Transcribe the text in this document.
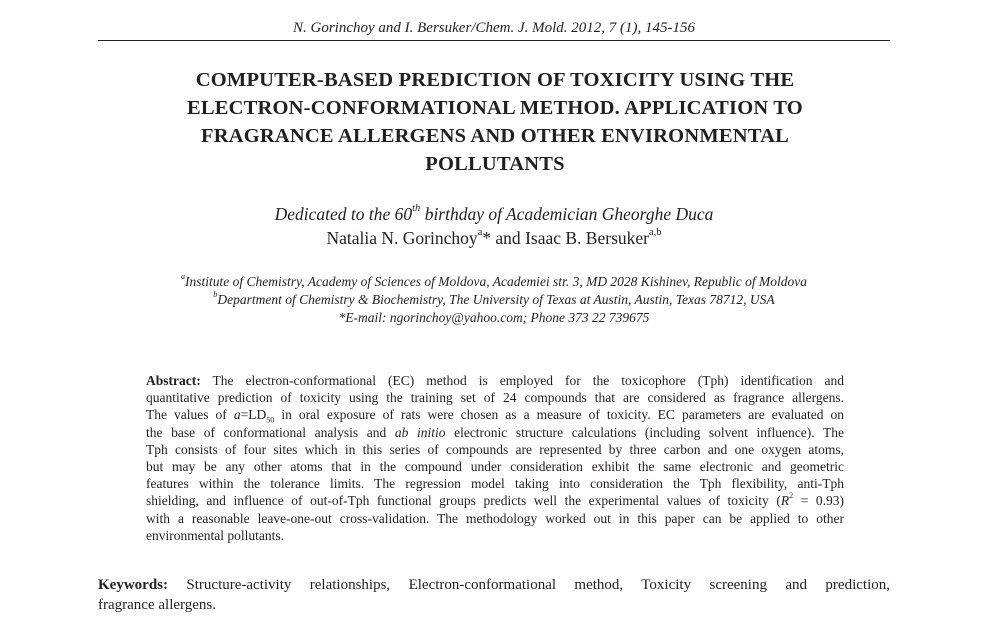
N. Gorinchoy and I. Bersuker/Chem. J. Mold. 2012, 7 (1), 145-156
COMPUTER-BASED PREDICTION OF TOXICITY USING THE
ELECTRON-CONFORMATIONAL METHOD. APPLICATION TO
FRAGRANCE ALLERGENS AND OTHER ENVIRONMENTAL
POLLUTANTS
Dedicated to the 60th birthday of Academician Gheorghe Duca
Natalia N. Gorinchoy$^a$* and Isaac B. Bersuker$^{a,b}$
$^a$Institute of Chemistry, Academy of Sciences of Moldova, Academiei str. 3, MD 2028 Kishinev, Republic of Moldova
$^b$Department of Chemistry & Biochemistry, The University of Texas at Austin, Austin, Texas 78712, USA
*E-mail: ngorinchoy@yahoo.com; Phone 373 22 739675
Abstract: The electron-conformational (EC) method is employed for the toxicophore (Tph) identification and
quantitative prediction of toxicity using the training set of 24 compounds that are considered as fragrance allergens.
The values of $a=LD_{50}$ in oral exposure of rats were chosen as a measure of toxicity. EC parameters are evaluated on
the base of conformational analysis and ab initio electronic structure calculations (including solvent influence). The
Tph consists of four sites which in this series of compounds are represented by three carbon and one oxygen atoms,
but may be any other atoms that in the compound under consideration exhibit the same electronic and geometric
features within the tolerance limits. The regression model taking into consideration the Tph flexibility, anti-Tph
shielding, and influence of out-of-Tph functional groups predicts well the experimental values of toxicity $(R^2 = 0.93)$
with a reasonable leave-one-out cross-validation. The methodology worked out in this paper can be applied to other
environmental pollutants.
Keywords: Structure-activity relationships, Electron-conformational method, Toxicity screening and prediction,
fragrance allergens.
